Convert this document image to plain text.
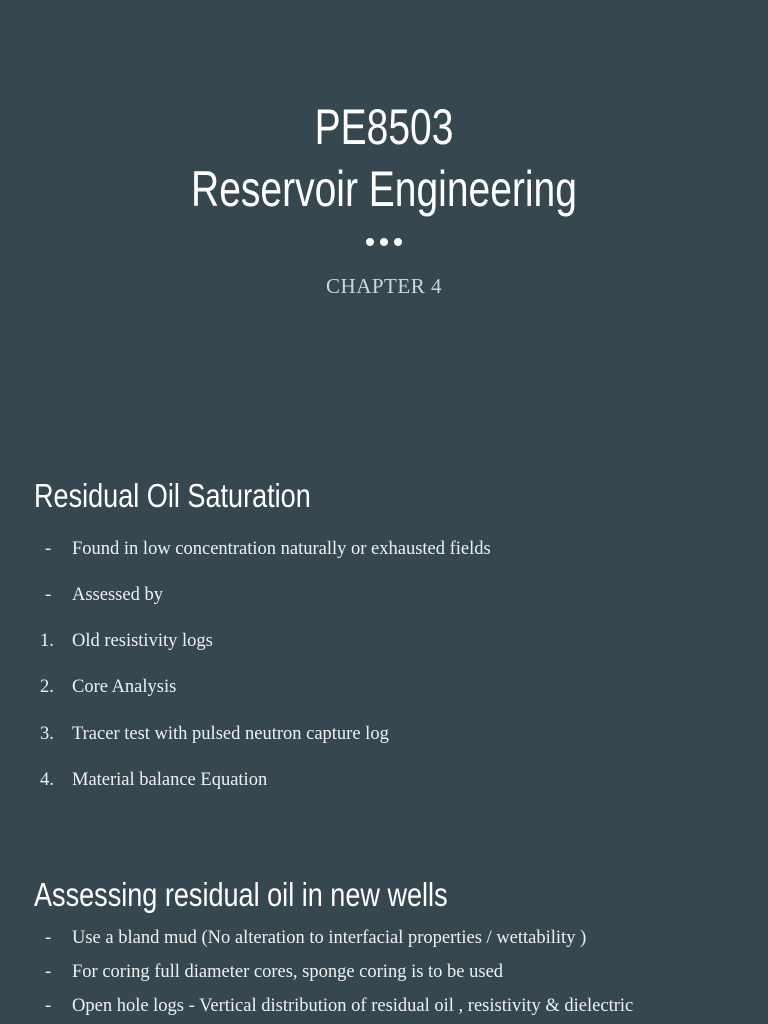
PE8503
Reservoir Engineering
CHAPTER 4
Residual Oil Saturation
-	Found in low concentration naturally or exhausted fields
-	Assessed by
1. Old resistivity logs
2. Core Analysis
3. Tracer test with pulsed neutron capture log
4. Material balance Equation
Assessing residual oil in new wells
-	Use a bland mud (No alteration to interfacial properties / wettability )
-	For coring full diameter cores, sponge coring is to be used
-	Open hole logs - Vertical distribution of residual oil , resistivity & dielectric
